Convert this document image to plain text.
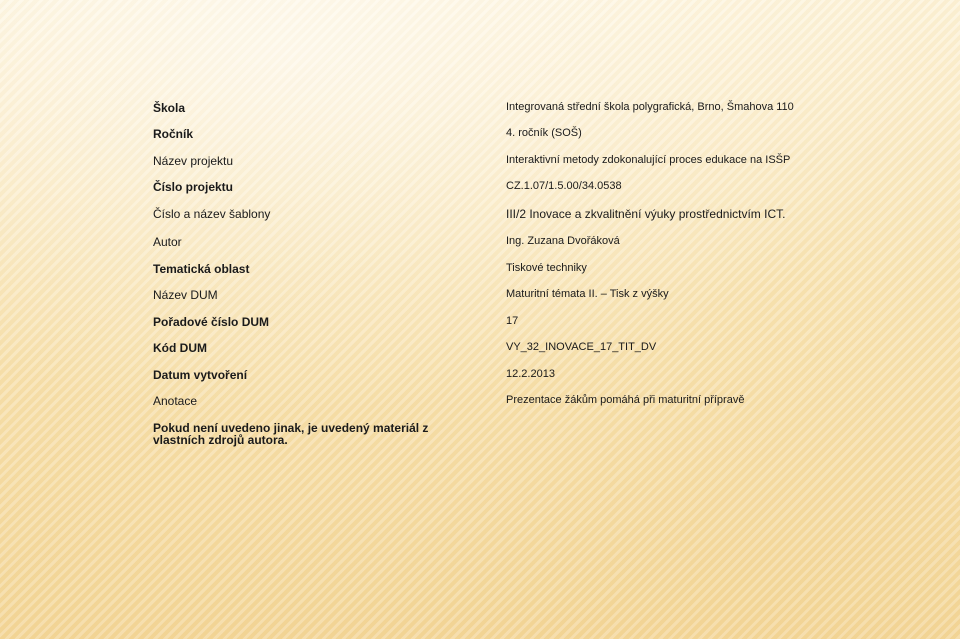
Škola	Integrovaná střední škola polygrafická, Brno, Šmahova 110
Ročník	4. ročník (SOŠ)
Název projektu	Interaktivní metody zdokonalující proces edukace na ISŠP
Číslo projektu	CZ.1.07/1.5.00/34.0538
Číslo a název šablony	III/2 Inovace a zkvalitnění výuky prostřednictvím ICT.
Autor	Ing. Zuzana Dvořáková
Tematická oblast	Tiskové techniky
Název DUM	Maturitní témata II. – Tisk z výšky
Pořadové číslo DUM	17
Kód DUM	VY_32_INOVACE_17_TIT_DV
Datum vytvoření	12.2.2013
Anotace	Prezentace žákům pomáhá při maturitní přípravě
Pokud není uvedeno jinak, je uvedený materiál z vlastních zdrojů autora.
